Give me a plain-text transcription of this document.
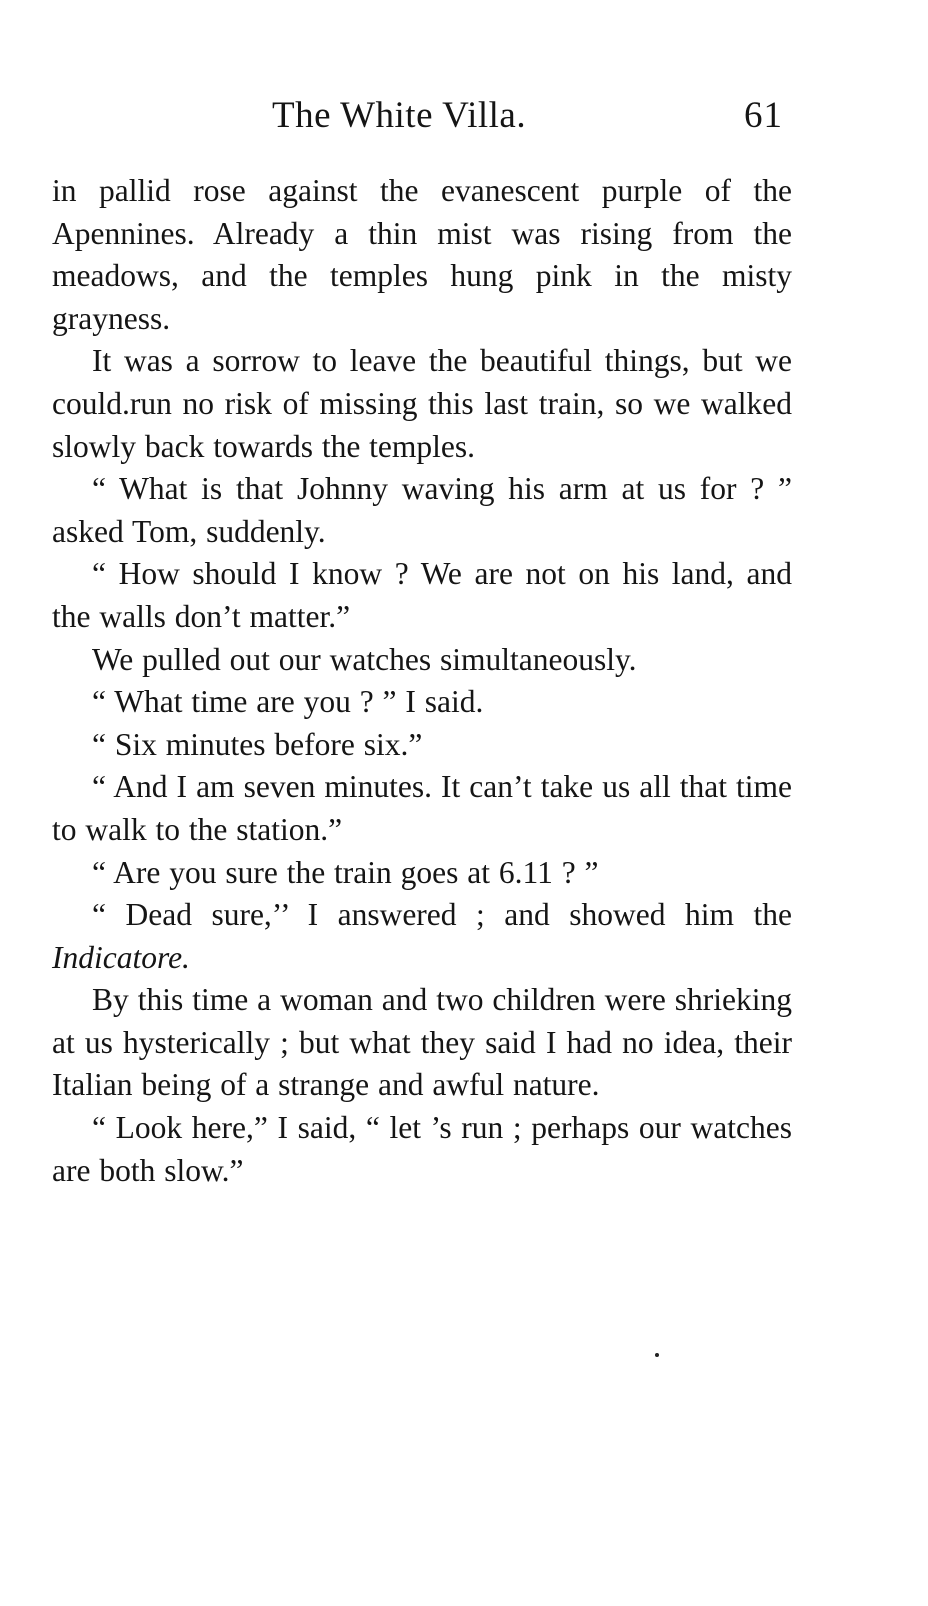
The White Villa.	61

in pallid rose against the evanescent purple of the Apennines. Already a thin mist was rising from the meadows, and the temples hung pink in the misty grayness.

It was a sorrow to leave the beautiful things, but we could.run no risk of missing this last train, so we walked slowly back towards the temples.

“ What is that Johnny waving his arm at us for ? ” asked Tom, suddenly.

“ How should I know ? We are not on his land, and the walls don’t matter.”

We pulled out our watches simultaneously.

“ What time are you ? ” I said.

“ Six minutes before six.”

“ And I am seven minutes. It can’t take us all that time to walk to the station.”

“ Are you sure the train goes at 6.11 ? ”

“ Dead sure,’’ I answered ; and showed him the Indicatore.

By this time a woman and two children were shrieking at us hysterically ; but what they said I had no idea, their Italian being of a strange and awful nature.

“ Look here,” I said, “ let ’s run ; perhaps our watches are both slow.”
